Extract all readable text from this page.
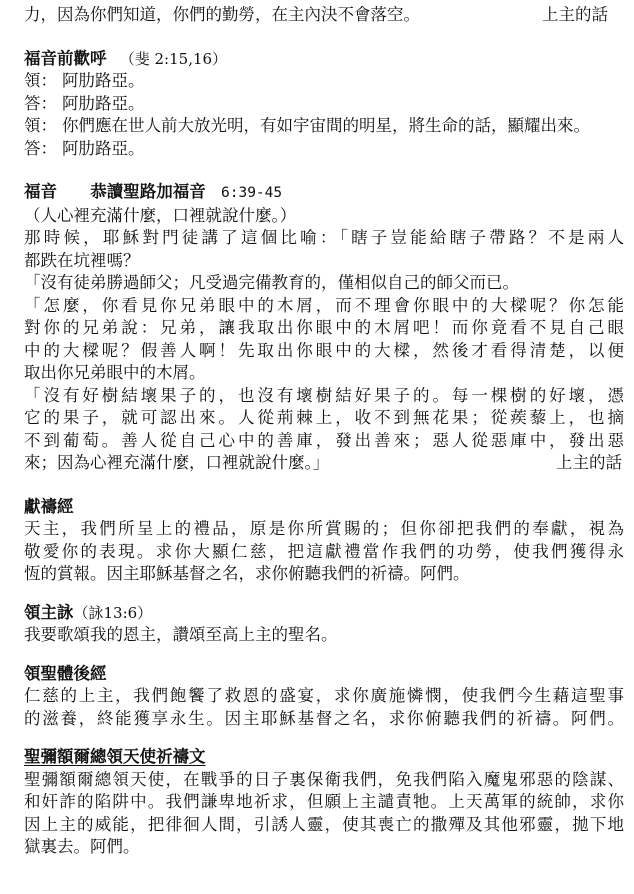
力，因為你們知道，你們的勤勞，在主內決不會落空。	上主的話
福音前歡呼 （斐 2:15,16）
領： 阿肋路亞。
答： 阿肋路亞。
領： 你們應在世人前大放光明，有如宇宙間的明星，將生命的話，顯耀出來。
答： 阿肋路亞。
福音 恭讀聖路加福音 6:39-45
（人心裡充滿什麼，口裡就說什麼。）
那時候，耶穌對門徒講了這個比喻：「瞎子豈能給瞎子帶路？不是兩人
都跌在坑裡嗎？
「沒有徒弟勝過師父；凡受過完備教育的，僅相似自己的師父而已。
「怎麼，你看見你兄弟眼中的木屑，而不理會你眼中的大樑呢？你怎能
對你的兄弟說：兄弟，讓我取出你眼中的木屑吧！而你竟看不見自己眼
中的大樑呢？假善人啊！先取出你眼中的大樑，然後才看得清楚，以便
取出你兄弟眼中的木屑。
「沒有好樹結壞果子的，也沒有壞樹結好果子的。每一棵樹的好壞，憑
它的果子，就可認出來。人從荊棘上，收不到無花果；從蒺藜上，也摘
不到葡萄。善人從自己心中的善庫，發出善來；惡人從惡庫中，發出惡
來；因為心裡充滿什麼，口裡就說什麼。」	上主的話
獻禱經
天主，我們所呈上的禮品，原是你所賞賜的；但你卻把我們的奉獻，視為
敬愛你的表現。求你大顯仁慈，把這獻禮當作我們的功勞，使我們獲得永
恆的賞報。因主耶穌基督之名，求你俯聽我們的祈禱。阿們。
領主詠（詠13:6）
我要歌頌我的恩主，讚頌至高上主的聖名。
領聖體後經
仁慈的上主，我們飽饗了救恩的盛宴，求你廣施憐憫，使我們今生藉這聖事
的滋養，終能獲享永生。因主耶穌基督之名，求你俯聽我們的祈禱。阿們。
聖彌額爾總領天使祈禱文
聖彌額爾總領天使，在戰爭的日子裏保衛我們，免我們陷入魔鬼邪惡的陰謀、
和奸詐的陷阱中。我們謙卑地祈求，但願上主譴責牠。上天萬軍的統帥，求你
因上主的威能，把徘徊人間，引誘人靈，使其喪亡的撒殫及其他邪靈，拋下地
獄裏去。阿們。
